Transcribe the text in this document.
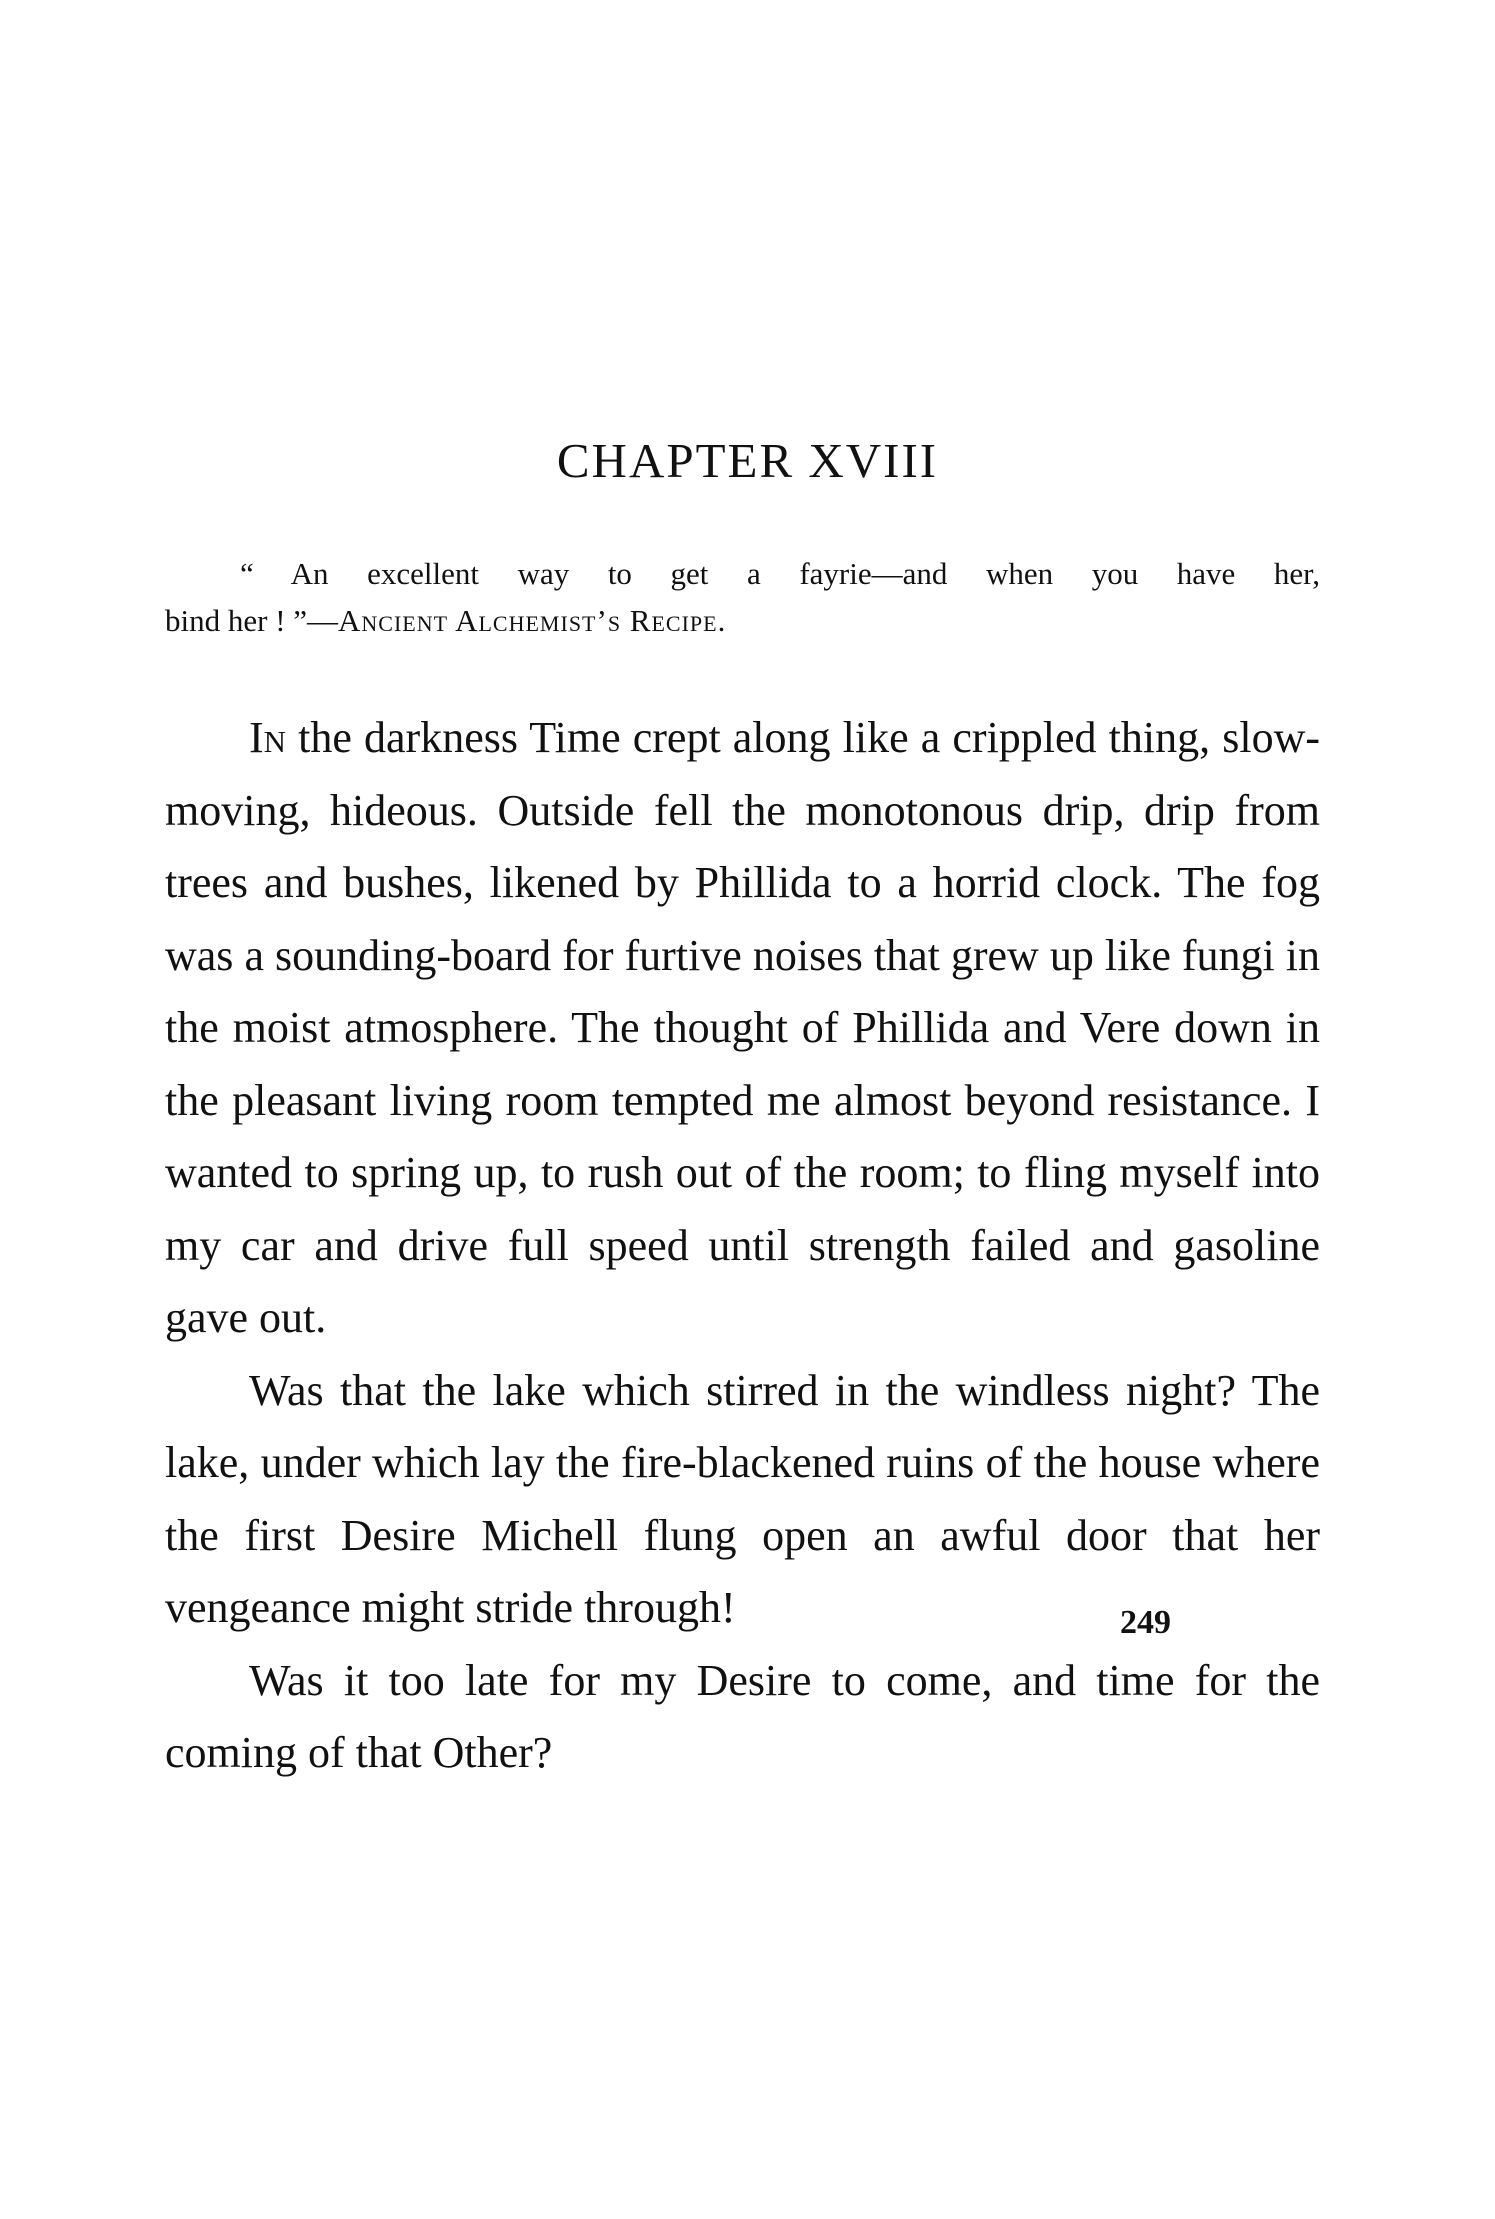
CHAPTER XVIII
“ An excellent way to get a fayrie—and when you have her,
bind her ! ”—Ancient Alchemist’s Recipe.

In the darkness Time crept along like a crippled thing, slow-moving, hideous. Outside fell the monotonous drip, drip from trees and bushes, likened by Phillida to a horrid clock. The fog was a sounding-board for furtive noises that grew up like fungi in the moist atmosphere. The thought of Phillida and Vere down in the pleasant living room tempted me almost beyond resistance. I wanted to spring up, to rush out of the room; to fling myself into my car and drive full speed until strength failed and gasoline gave out.

Was that the lake which stirred in the windless night? The lake, under which lay the fire-blackened ruins of the house where the first Desire Michell flung open an awful door that her vengeance might stride through!

Was it too late for my Desire to come, and time for the coming of that Other?

249
